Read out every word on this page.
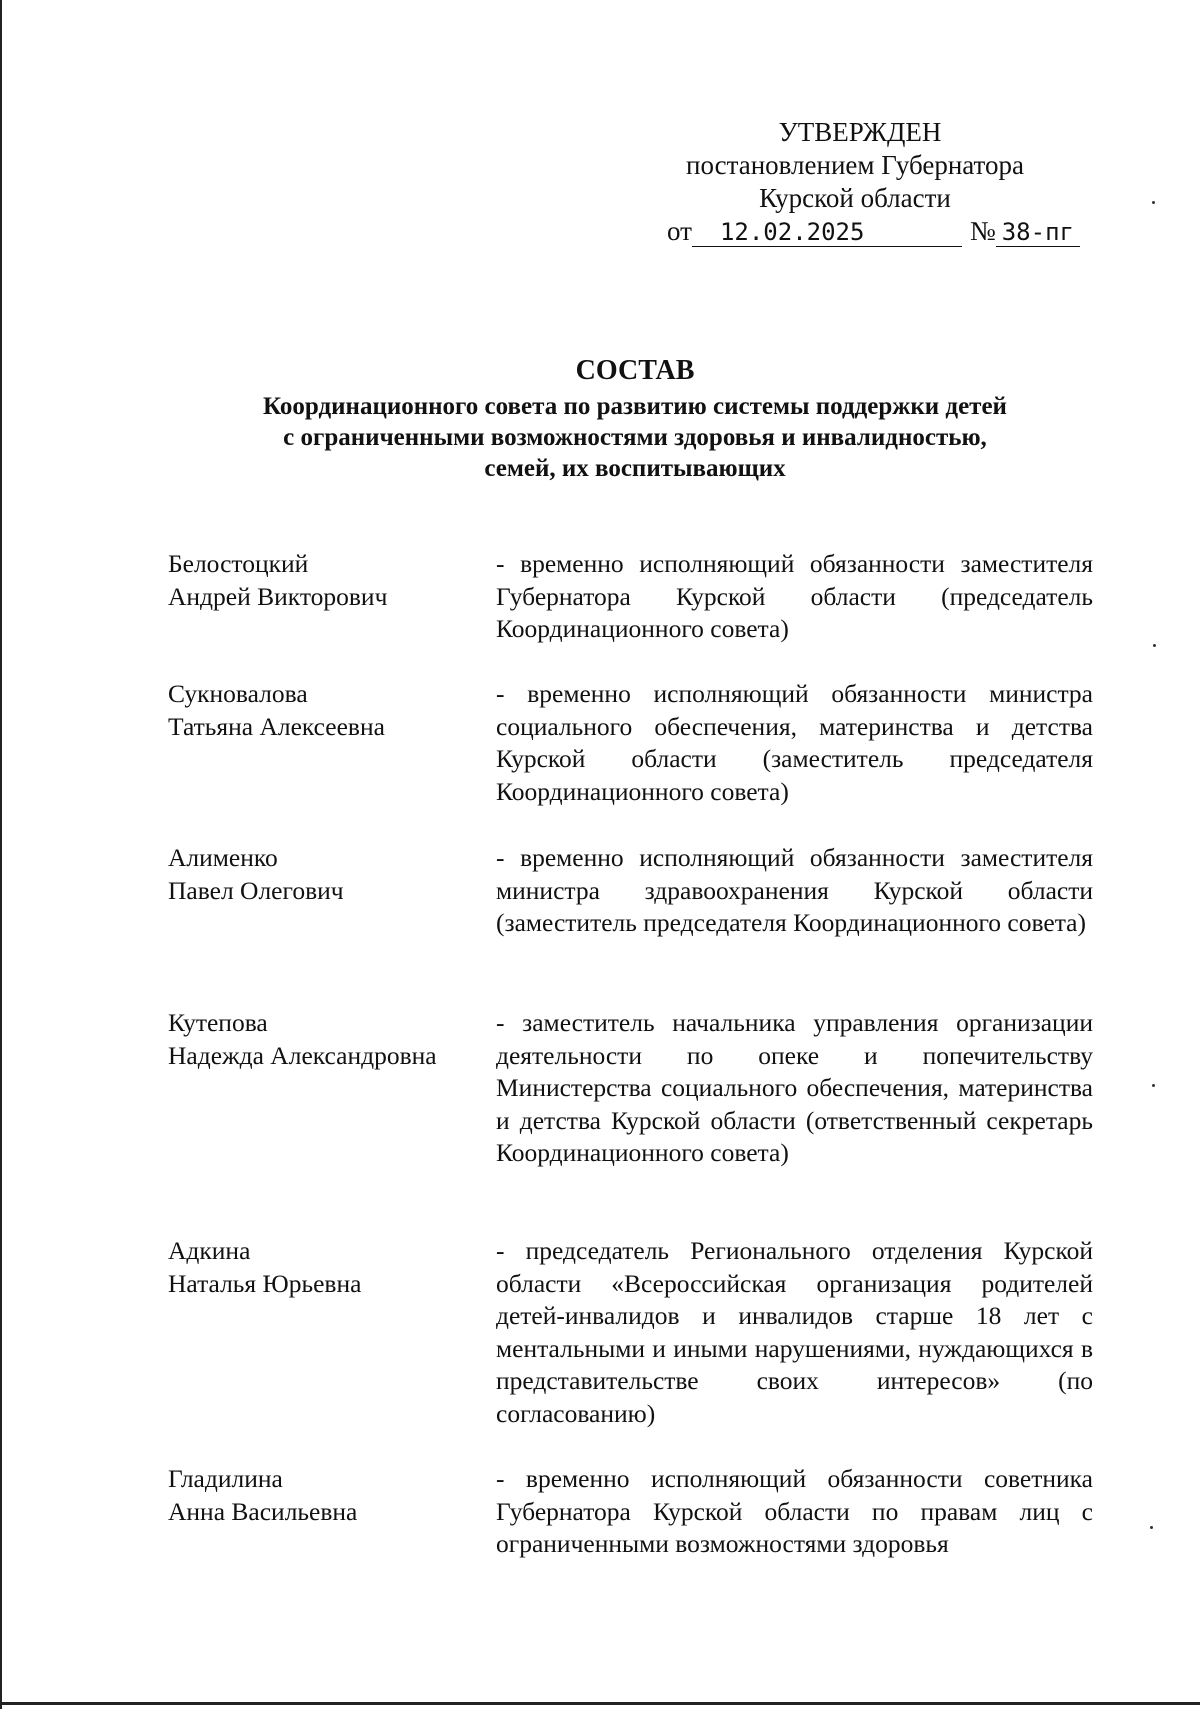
УТВЕРЖДЕН
постановлением Губернатора
Курской области
от 12.02.2025	№ 38-пг
СОСТАВ
Координационного совета по развитию системы поддержки детей
с ограниченными возможностями здоровья и инвалидностью,
семей, их воспитывающих
Белостоцкий
Андрей Викторович
- временно исполняющий обязанности заместителя Губернатора Курской области (председатель Координационного совета)
Сукновалова
Татьяна Алексеевна
- временно исполняющий обязанности министра социального обеспечения, материнства и детства Курской области (заместитель председателя Координационного совета)
Алименко
Павел Олегович
- временно исполняющий обязанности заместителя министра здравоохранения Курской области (заместитель председателя Координационного совета)
Кутепова
Надежда Александровна
- заместитель начальника управления организации деятельности по опеке и попечительству Министерства социального обеспечения, материнства и детства Курской области (ответственный секретарь Координационного совета)
Адкина
Наталья Юрьевна
- председатель Регионального отделения Курской области «Всероссийская организация родителей детей-инвалидов и инвалидов старше 18 лет с ментальными и иными нарушениями, нуждающихся в представительстве своих интересов» (по согласованию)
Гладилина
Анна Васильевна
- временно исполняющий обязанности советника Губернатора Курской области по правам лиц с ограниченными возможностями здоровья
